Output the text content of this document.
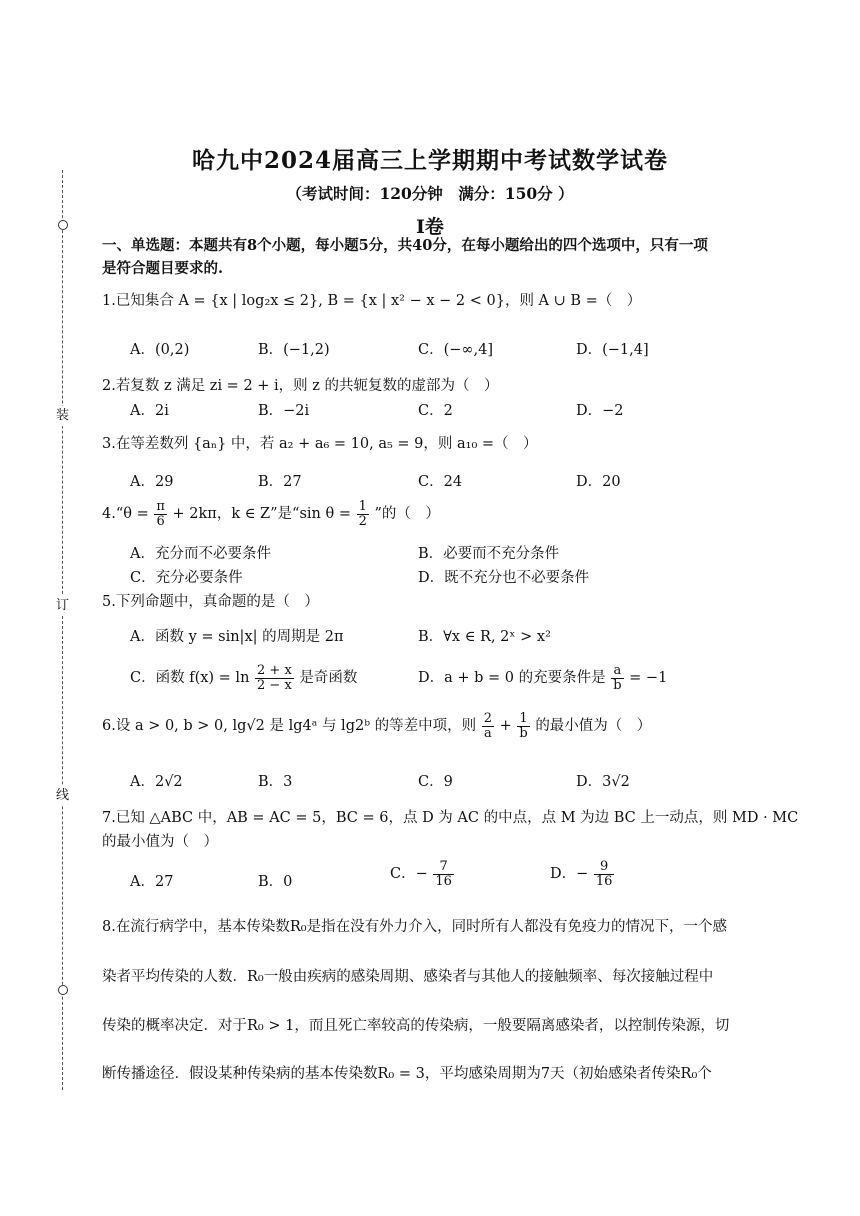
装
订
线
哈九中2024届高三上学期期中考试数学试卷
（考试时间：120分钟　满分：150分 ）
I卷
一、单选题：本题共有8个小题，每小题5分，共40分，在每小题给出的四个选项中，只有一项
是符合题目要求的.
1.已知集合 A = {x | log₂x ≤ 2}, B = {x | x² − x − 2 < 0}，则 A ∪ B =（　）
A．(0,2)	B．(−1,2)	C．(−∞,4]	D．(−1,4]
2.若复数 z 满足 zi = 2 + i，则 z 的共轭复数的虚部为（　）
A．2i	B．−2i	C．2	D．−2
3.在等差数列 {aₙ} 中，若 a₂ + a₆ = 10, a₅ = 9，则 a₁₀ =（　）
A．29	B．27	C．24	D．20
4.“θ = $\frac{\pi}{6} + 2k\pi$，k ∈ Z”是“sin $\theta = \frac{1}{2}$ ”的（　）
A．充分而不必要条件	B．必要而不充分条件
C．充分必要条件	D．既不充分也不必要条件
5.下列命题中，真命题的是（　）
A．函数 y = sin|x| 的周期是 2π	B．∀x ∈ R, 2ˣ > x²
C．函数 $f(x) = \ln \frac{2 + x}{2 - x}$ 是奇函数	D．a + b = 0 的充要条件是 $\frac{a}{b} = -1$
6.设 a > 0, b > 0, lg√2 是 lg4ᵃ 与 lg2ᵇ 的等差中项，则 $\frac{2}{a} + \frac{1}{b}$ 的最小值为（　）
A．2√2	B．3	C．9	D．3√2
7.已知 △ABC 中，AB = AC = 5，BC = 6，点 D 为 AC 的中点，点 M 为边 BC 上一动点，则 MD · MC
的最小值为（　）
A．27	B．0	C．− $\frac{7}{16}$	D．− $\frac{9}{16}$
8.在流行病学中，基本传染数R₀是指在没有外力介入，同时所有人都没有免疫力的情况下，一个感
染者平均传染的人数．R₀一般由疾病的感染周期、感染者与其他人的接触频率、每次接触过程中
传染的概率决定．对于R₀ > 1，而且死亡率较高的传染病，一般要隔离感染者，以控制传染源，切
断传播途径．假设某种传染病的基本传染数R₀ = 3，平均感染周期为7天（初始感染者传染R₀个
